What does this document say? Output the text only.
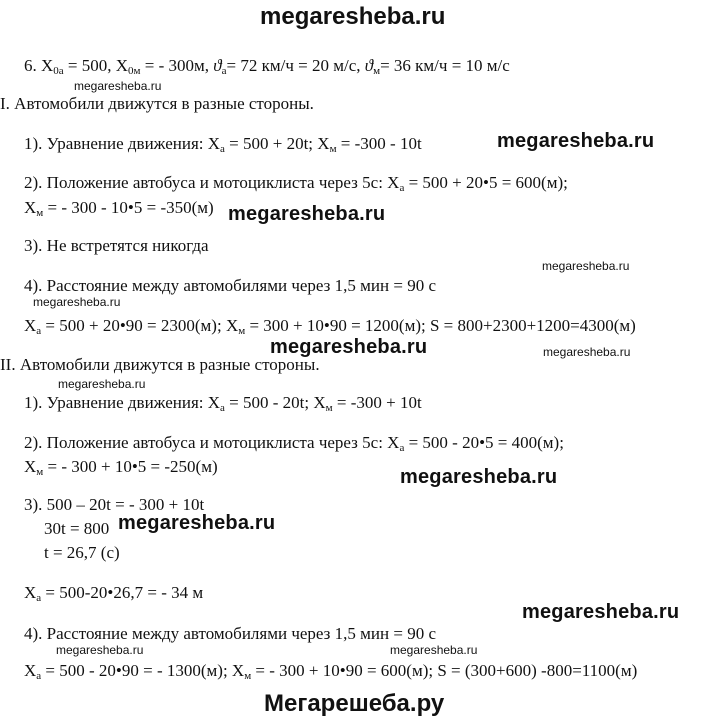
megaresheba.ru
6. $X_{0а} = 500$, $X_{0м}$ = - 300м, $ϑ_а= 72$ км/ч = 20 м/с, $ϑ_м= 36$ км/ч = 10 м/с
megaresheba.ru
I. Автомобили движутся в разные стороны.
1). Уравнение движения: $X_а = 500 + 20t$; $X_м = -300 - 10t$	megaresheba.ru
2). Положение автобуса и мотоциклиста через 5с: $X_а = 500$ + 20•5 = 600(м);
$X_м$ = - 300 - 10•5 = -350(м) megaresheba.ru
3). Не встретятся никогда
megaresheba.ru
4). Расстояние между автомобилями через 1,5 мин = 90 с
megaresheba.ru
$X_а = 500$ + 20•90 = 2300(м); $X_м = 300$ + 10•90 = 1200(м); S = 800+2300+1200=4300(м)
megaresheba.ru	megaresheba.ru
II. Автомобили движутся в разные стороны.
megaresheba.ru
1). Уравнение движения: $X_а = 500 - 20t$; $X_м = -300 + 10t$
2). Положение автобуса и мотоциклиста через 5с: $X_а = 500$ - 20•5 = 400(м);
$X_м$ = - 300 + 10•5 = -250(м)	megaresheba.ru
3). 500 – 20t = - 300 + 10t
30t = 800 megaresheba.ru
t = 26,7 (с)
$X_а$ = 500-20•26,7 = - 34 м
megaresheba.ru
4). Расстояние между автомобилями через 1,5 мин = 90 с
megaresheba.ru	megaresheba.ru
$X_а = 500$ - 20•90 = - 1300(м); $X_м$ = - 300 + 10•90 = 600(м); S = (300+600) -800=1100(м)
Мегарешеба.ру
